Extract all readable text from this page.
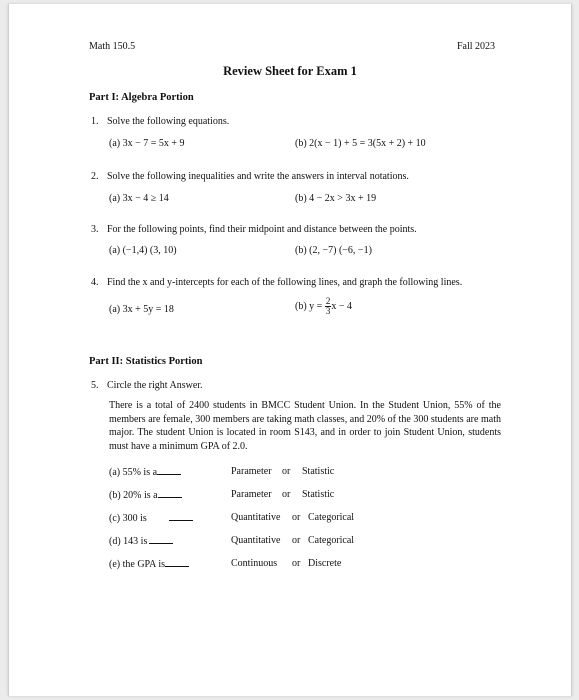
Math 150.5	Fall 2023
Review Sheet for Exam 1
Part I: Algebra Portion
1. Solve the following equations.
(a) 3x − 7 = 5x + 9	(b) 2(x − 1) + 5 = 3(5x + 2) + 10
2. Solve the following inequalities and write the answers in interval notations.
(a) 3x − 4 ≥ 14	(b) 4 − 2x > 3x + 19
3. For the following points, find their midpoint and distance between the points.
(a) (−1,4) (3, 10)	(b) (2, −7) (−6, −1)
4. Find the x and y-intercepts for each of the following lines, and graph the following lines.
(a) 3x + 5y = 18	(b) $y = \frac{2}{3}$ x − 4
Part II: Statistics Portion
5. Circle the right Answer.
There is a total of 2400 students in BMCC Student Union. In the Student Union, 55% of the members are female, 300 members are taking math classes, and 20% of the 300 students are math major. The student Union is located in room S143, and in order to join Student Union, students must have a minimum GPA of 2.0.
(a) 55% is a	Parameter or Statistic
(b) 20% is a	Parameter or Statistic
(c) 300 is	Quantitative or Categorical
(d) 143 is	Quantitative or Categorical
(e) the GPA is	Continuous or Discrete
